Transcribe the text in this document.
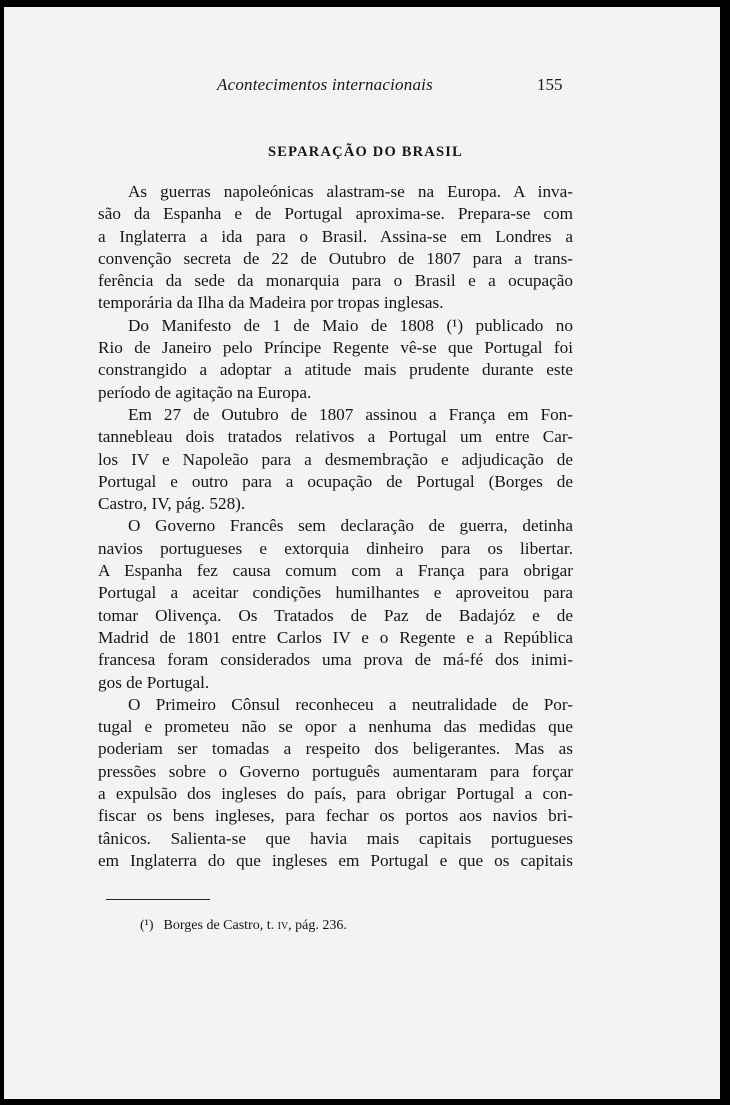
Acontecimentos internacionais	155
SEPARAÇÃO DO BRASIL
As guerras napoleónicas alastram-se na Europa. A inva-
são da Espanha e de Portugal aproxima-se. Prepara-se com
a Inglaterra a ida para o Brasil. Assina-se em Londres a
convenção secreta de 22 de Outubro de 1807 para a trans-
ferência da sede da monarquia para o Brasil e a ocupação
temporária da Ilha da Madeira por tropas inglesas.
Do Manifesto de 1 de Maio de 1808 (¹) publicado no
Rio de Janeiro pelo Príncipe Regente vê-se que Portugal foi
constrangido a adoptar a atitude mais prudente durante este
período de agitação na Europa.
Em 27 de Outubro de 1807 assinou a França em Fon-
tannebleau dois tratados relativos a Portugal um entre Car-
los IV e Napoleão para a desmembração e adjudicação de
Portugal e outro para a ocupação de Portugal (Borges de
Castro, IV, pág. 528).
O Governo Francês sem declaração de guerra, detinha
navios portugueses e extorquia dinheiro para os libertar.
A Espanha fez causa comum com a França para obrigar
Portugal a aceitar condições humilhantes e aproveitou para
tomar Olivença. Os Tratados de Paz de Badajóz e de
Madrid de 1801 entre Carlos IV e o Regente e a República
francesa foram considerados uma prova de má-fé dos inimi-
gos de Portugal.
O Primeiro Cônsul reconheceu a neutralidade de Por-
tugal e prometeu não se opor a nenhuma das medidas que
poderiam ser tomadas a respeito dos beligerantes. Mas as
pressões sobre o Governo português aumentaram para forçar
a expulsão dos ingleses do país, para obrigar Portugal a con-
fiscar os bens ingleses, para fechar os portos aos navios bri-
tânicos. Salienta-se que havia mais capitais portugueses
em Inglaterra do que ingleses em Portugal e que os capitais
(¹) Borges de Castro, t. iv, pág. 236.
